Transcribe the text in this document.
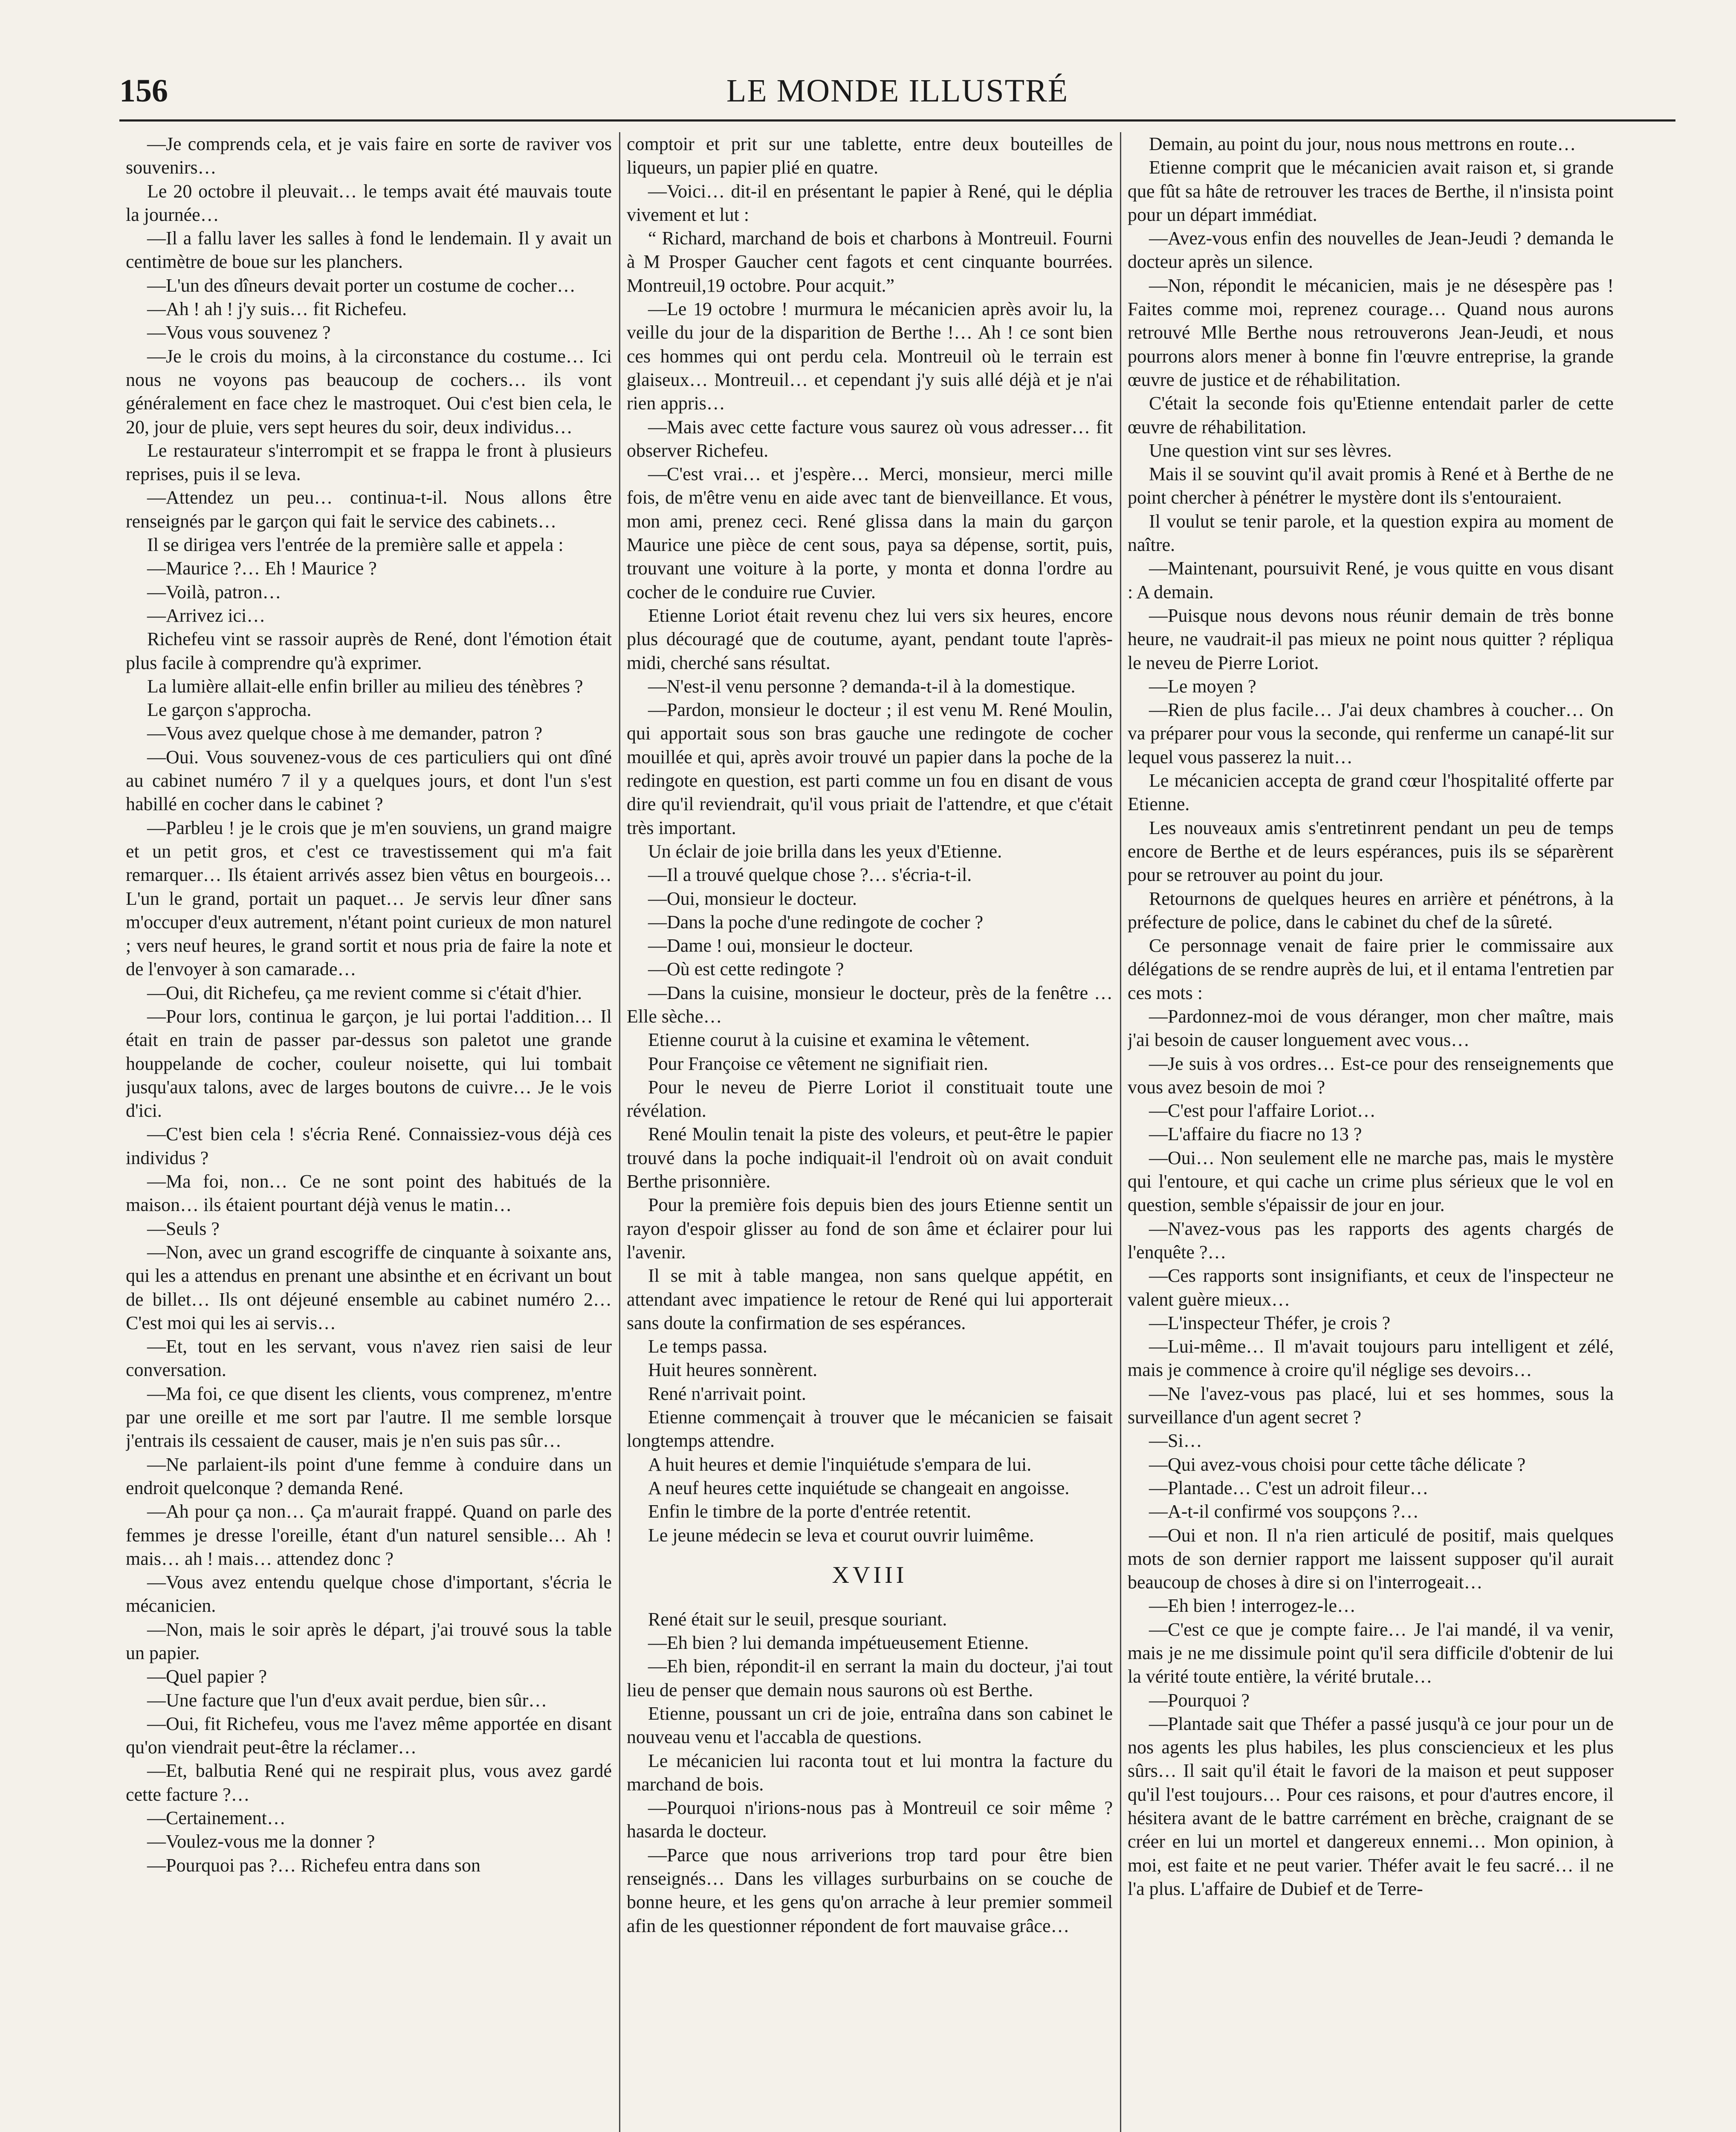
156	LE MONDE ILLUSTRÉ

—Je comprends cela, et je vais faire en sorte de raviver vos souvenirs…

Le 20 octobre il pleuvait… le temps avait été mauvais toute la journée…

—Il a fallu laver les salles à fond le lendemain. Il y avait un centimètre de boue sur les planchers.

—L'un des dîneurs devait porter un costume de cocher…

—Ah ! ah ! j'y suis… fit Richefeu.

—Vous vous souvenez ?

—Je le crois du moins, à la circonstance du costume… Ici nous ne voyons pas beaucoup de cochers… ils vont généralement en face chez le mastroquet. Oui c'est bien cela, le 20, jour de pluie, vers sept heures du soir, deux individus…

Le restaurateur s'interrompit et se frappa le front à plusieurs reprises, puis il se leva.

—Attendez un peu… continua-t-il. Nous allons être renseignés par le garçon qui fait le service des cabinets…

Il se dirigea vers l'entrée de la première salle et appela :

—Maurice ?… Eh ! Maurice ?

—Voilà, patron…

—Arrivez ici…

Richefeu vint se rassoir auprès de René, dont l'émotion était plus facile à comprendre qu'à exprimer.

La lumière allait-elle enfin briller au milieu des ténèbres ?

Le garçon s'approcha.

—Vous avez quelque chose à me demander, patron ?

—Oui. Vous souvenez-vous de ces particuliers qui ont dîné au cabinet numéro 7 il y a quelques jours, et dont l'un s'est habillé en cocher dans le cabinet ?

—Parbleu ! je le crois que je m'en souviens, un grand maigre et un petit gros, et c'est ce travestissement qui m'a fait remarquer… Ils étaient arrivés assez bien vêtus en bourgeois… L'un le grand, portait un paquet… Je servis leur dîner sans m'occuper d'eux autrement, n'étant point curieux de mon naturel ; vers neuf heures, le grand sortit et nous pria de faire la note et de l'envoyer à son camarade…

—Oui, dit Richefeu, ça me revient comme si c'était d'hier.

—Pour lors, continua le garçon, je lui portai l'addition… Il était en train de passer par-dessus son paletot une grande houppelande de cocher, couleur noisette, qui lui tombait jusqu'aux talons, avec de larges boutons de cuivre… Je le vois d'ici.

—C'est bien cela ! s'écria René. Connaissiez-vous déjà ces individus ?

—Ma foi, non… Ce ne sont point des habitués de la maison… ils étaient pourtant déjà venus le matin…

—Seuls ?

—Non, avec un grand escogriffe de cinquante à soixante ans, qui les a attendus en prenant une absinthe et en écrivant un bout de billet… Ils ont déjeuné ensemble au cabinet numéro 2… C'est moi qui les ai servis…

—Et, tout en les servant, vous n'avez rien saisi de leur conversation.

—Ma foi, ce que disent les clients, vous comprenez, m'entre par une oreille et me sort par l'autre. Il me semble lorsque j'entrais ils cessaient de causer, mais je n'en suis pas sûr…

—Ne parlaient-ils point d'une femme à conduire dans un endroit quelconque ? demanda René.

—Ah pour ça non… Ça m'aurait frappé. Quand on parle des femmes je dresse l'oreille, étant d'un naturel sensible… Ah ! mais… ah ! mais… attendez donc ?

—Vous avez entendu quelque chose d'important, s'écria le mécanicien.

—Non, mais le soir après le départ, j'ai trouvé sous la table un papier.

—Quel papier ?

—Une facture que l'un d'eux avait perdue, bien sûr…

—Oui, fit Richefeu, vous me l'avez même apportée en disant qu'on viendrait peut-être la réclamer…

—Et, balbutia René qui ne respirait plus, vous avez gardé cette facture ?…

—Certainement…

—Voulez-vous me la donner ?

—Pourquoi pas ?… Richefeu entra dans son

comptoir et prit sur une tablette, entre deux bouteilles de liqueurs, un papier plié en quatre.

—Voici… dit-il en présentant le papier à René, qui le déplia vivement et lut :

“ Richard, marchand de bois et charbons à Montreuil. Fourni à M Prosper Gaucher cent fagots et cent cinquante bourrées. Montreuil,19 octobre. Pour acquit.”

—Le 19 octobre ! murmura le mécanicien après avoir lu, la veille du jour de la disparition de Berthe !… Ah ! ce sont bien ces hommes qui ont perdu cela. Montreuil où le terrain est glaiseux… Montreuil… et cependant j'y suis allé déjà et je n'ai rien appris…

—Mais avec cette facture vous saurez où vous adresser… fit observer Richefeu.

—C'est vrai… et j'espère… Merci, monsieur, merci mille fois, de m'être venu en aide avec tant de bienveillance. Et vous, mon ami, prenez ceci. René glissa dans la main du garçon Maurice une pièce de cent sous, paya sa dépense, sortit, puis, trouvant une voiture à la porte, y monta et donna l'ordre au cocher de le conduire rue Cuvier.

Etienne Loriot était revenu chez lui vers six heures, encore plus découragé que de coutume, ayant, pendant toute l'après-midi, cherché sans résultat.

—N'est-il venu personne ? demanda-t-il à la domestique.

—Pardon, monsieur le docteur ; il est venu M. René Moulin, qui apportait sous son bras gauche une redingote de cocher mouillée et qui, après avoir trouvé un papier dans la poche de la redingote en question, est parti comme un fou en disant de vous dire qu'il reviendrait, qu'il vous priait de l'attendre, et que c'était très important.

Un éclair de joie brilla dans les yeux d'Etienne.

—Il a trouvé quelque chose ?… s'écria-t-il.

—Oui, monsieur le docteur.

—Dans la poche d'une redingote de cocher ?

—Dame ! oui, monsieur le docteur.

—Où est cette redingote ?

—Dans la cuisine, monsieur le docteur, près de la fenêtre … Elle sèche…

Etienne courut à la cuisine et examina le vêtement.

Pour Françoise ce vêtement ne signifiait rien.

Pour le neveu de Pierre Loriot il constituait toute une révélation.

René Moulin tenait la piste des voleurs, et peut-être le papier trouvé dans la poche indiquait-il l'endroit où on avait conduit Berthe prisonnière.

Pour la première fois depuis bien des jours Etienne sentit un rayon d'espoir glisser au fond de son âme et éclairer pour lui l'avenir.

Il se mit à table mangea, non sans quelque appétit, en attendant avec impatience le retour de René qui lui apporterait sans doute la confirmation de ses espérances.

Le temps passa.

Huit heures sonnèrent.

René n'arrivait point.

Etienne commençait à trouver que le mécanicien se faisait longtemps attendre.

A huit heures et demie l'inquiétude s'empara de lui.

A neuf heures cette inquiétude se changeait en angoisse.

Enfin le timbre de la porte d'entrée retentit.

Le jeune médecin se leva et courut ouvrir luimême.

XVIII

René était sur le seuil, presque souriant.

—Eh bien ? lui demanda impétueusement Etienne.

—Eh bien, répondit-il en serrant la main du docteur, j'ai tout lieu de penser que demain nous saurons où est Berthe.

Etienne, poussant un cri de joie, entraîna dans son cabinet le nouveau venu et l'accabla de questions.

Le mécanicien lui raconta tout et lui montra la facture du marchand de bois.

—Pourquoi n'irions-nous pas à Montreuil ce soir même ? hasarda le docteur.

—Parce que nous arriverions trop tard pour être bien renseignés… Dans les villages surburbains on se couche de bonne heure, et les gens qu'on arrache à leur premier sommeil afin de les questionner répondent de fort mauvaise grâce…

Demain, au point du jour, nous nous mettrons en route…

Etienne comprit que le mécanicien avait raison et, si grande que fût sa hâte de retrouver les traces de Berthe, il n'insista point pour un départ immédiat.

—Avez-vous enfin des nouvelles de Jean-Jeudi ? demanda le docteur après un silence.

—Non, répondit le mécanicien, mais je ne désespère pas ! Faites comme moi, reprenez courage… Quand nous aurons retrouvé Mlle Berthe nous retrouverons Jean-Jeudi, et nous pourrons alors mener à bonne fin l'œuvre entreprise, la grande œuvre de justice et de réhabilitation.

C'était la seconde fois qu'Etienne entendait parler de cette œuvre de réhabilitation.

Une question vint sur ses lèvres.

Mais il se souvint qu'il avait promis à René et à Berthe de ne point chercher à pénétrer le mystère dont ils s'entouraient.

Il voulut se tenir parole, et la question expira au moment de naître.

—Maintenant, poursuivit René, je vous quitte en vous disant : A demain.

—Puisque nous devons nous réunir demain de très bonne heure, ne vaudrait-il pas mieux ne point nous quitter ? répliqua le neveu de Pierre Loriot.

—Le moyen ?

—Rien de plus facile… J'ai deux chambres à coucher… On va préparer pour vous la seconde, qui renferme un canapé-lit sur lequel vous passerez la nuit…

Le mécanicien accepta de grand cœur l'hospitalité offerte par Etienne.

Les nouveaux amis s'entretinrent pendant un peu de temps encore de Berthe et de leurs espérances, puis ils se séparèrent pour se retrouver au point du jour.

Retournons de quelques heures en arrière et pénétrons, à la préfecture de police, dans le cabinet du chef de la sûreté.

Ce personnage venait de faire prier le commissaire aux délégations de se rendre auprès de lui, et il entama l'entretien par ces mots :

—Pardonnez-moi de vous déranger, mon cher maître, mais j'ai besoin de causer longuement avec vous…

—Je suis à vos ordres… Est-ce pour des renseignements que vous avez besoin de moi ?

—C'est pour l'affaire Loriot…

—L'affaire du fiacre no 13 ?

—Oui… Non seulement elle ne marche pas, mais le mystère qui l'entoure, et qui cache un crime plus sérieux que le vol en question, semble s'épaissir de jour en jour.

—N'avez-vous pas les rapports des agents chargés de l'enquête ?…

—Ces rapports sont insignifiants, et ceux de l'inspecteur ne valent guère mieux…

—L'inspecteur Théfer, je crois ?

—Lui-même… Il m'avait toujours paru intelligent et zélé, mais je commence à croire qu'il néglige ses devoirs…

—Ne l'avez-vous pas placé, lui et ses hommes, sous la surveillance d'un agent secret ?

—Si…

—Qui avez-vous choisi pour cette tâche délicate ?

—Plantade… C'est un adroit fileur…

—A-t-il confirmé vos soupçons ?…

—Oui et non. Il n'a rien articulé de positif, mais quelques mots de son dernier rapport me laissent supposer qu'il aurait beaucoup de choses à dire si on l'interrogeait…

—Eh bien ! interrogez-le…

—C'est ce que je compte faire… Je l'ai mandé, il va venir, mais je ne me dissimule point qu'il sera difficile d'obtenir de lui la vérité toute entière, la vérité brutale…

—Pourquoi ?

—Plantade sait que Théfer a passé jusqu'à ce jour pour un de nos agents les plus habiles, les plus consciencieux et les plus sûrs… Il sait qu'il était le favori de la maison et peut supposer qu'il l'est toujours… Pour ces raisons, et pour d'autres encore, il hésitera avant de le battre carrément en brèche, craignant de se créer en lui un mortel et dangereux ennemi… Mon opinion, à moi, est faite et ne peut varier. Théfer avait le feu sacré… il ne l'a plus. L'affaire de Dubief et de Terre-
